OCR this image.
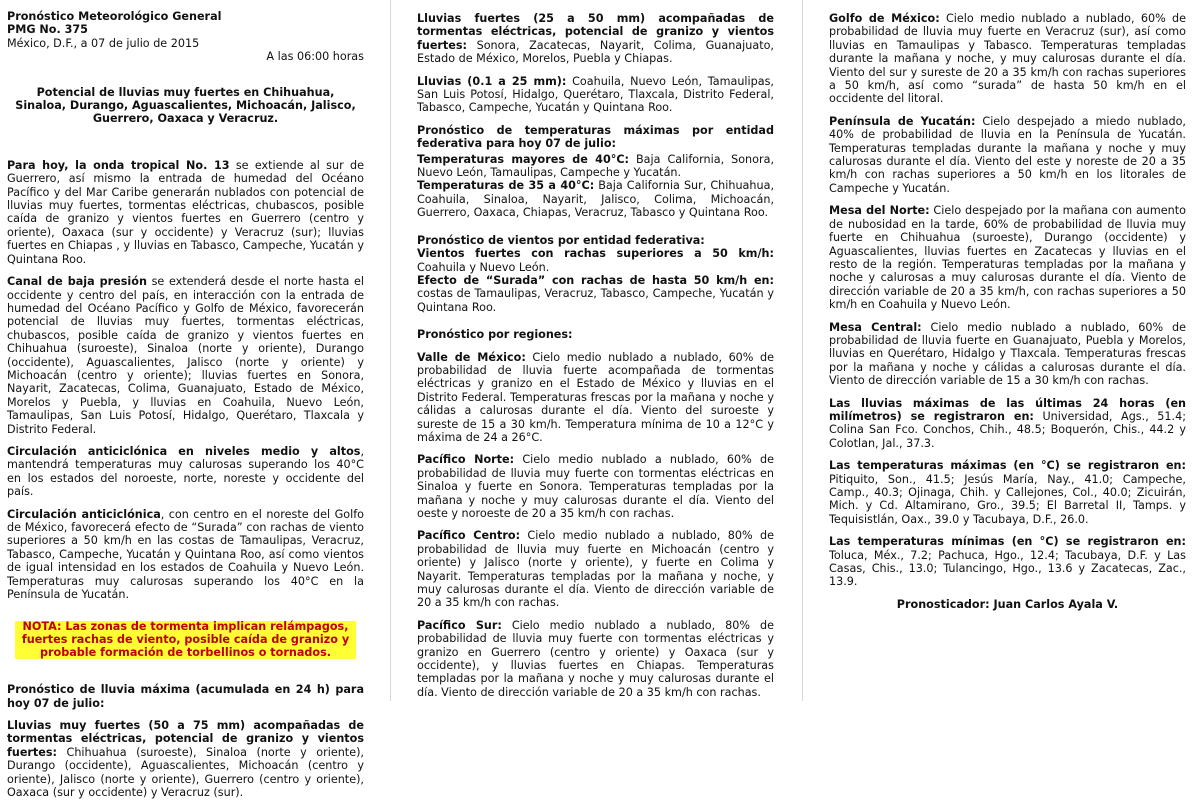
Pronóstico Meteorológico General
PMG No. 375
México, D.F., a 07 de julio de 2015
A las 06:00 horas

Potencial de lluvias muy fuertes en Chihuahua, Sinaloa, Durango, Aguascalientes, Michoacán, Jalisco, Guerrero, Oaxaca y Veracruz.

Para hoy, la onda tropical No. 13 se extiende al sur de Guerrero, así mismo la entrada de humedad del Océano Pacífico y del Mar Caribe generarán nublados con potencial de lluvias muy fuertes, tormentas eléctricas, chubascos, posible caída de granizo y vientos fuertes en Guerrero (centro y oriente), Oaxaca (sur y occidente) y Veracruz (sur); lluvias fuertes en Chiapas , y lluvias en Tabasco, Campeche, Yucatán y Quintana Roo.

Canal de baja presión se extenderá desde el norte hasta el occidente y centro del país, en interacción con la entrada de humedad del Océano Pacífico y Golfo de México, favorecerán potencial de lluvias muy fuertes, tormentas eléctricas, chubascos, posible caída de granizo y vientos fuertes en Chihuahua (suroeste), Sinaloa (norte y oriente), Durango (occidente), Aguascalientes, Jalisco (norte y oriente) y Michoacán (centro y oriente); lluvias fuertes en Sonora, Nayarit, Zacatecas, Colima, Guanajuato, Estado de México, Morelos y Puebla, y lluvias en Coahuila, Nuevo León, Tamaulipas, San Luis Potosí, Hidalgo, Querétaro, Tlaxcala y Distrito Federal.

Circulación anticiclónica en niveles medio y altos, mantendrá temperaturas muy calurosas superando los 40°C en los estados del noroeste, norte, noreste y occidente del país.

Circulación anticiclónica, con centro en el noreste del Golfo de México, favorecerá efecto de “Surada” con rachas de viento superiores a 50 km/h en las costas de Tamaulipas, Veracruz, Tabasco, Campeche, Yucatán y Quintana Roo, así como vientos de igual intensidad en los estados de Coahuila y Nuevo León. Temperaturas muy calurosas superando los 40°C en la Península de Yucatán.

NOTA: Las zonas de tormenta implican relámpagos, fuertes rachas de viento, posible caída de granizo y probable formación de torbellinos o tornados.

Pronóstico de lluvia máxima (acumulada en 24 h) para hoy 07 de julio:

Lluvias muy fuertes (50 a 75 mm) acompañadas de tormentas eléctricas, potencial de granizo y vientos fuertes: Chihuahua (suroeste), Sinaloa (norte y oriente), Durango (occidente), Aguascalientes, Michoacán (centro y oriente), Jalisco (norte y oriente), Guerrero (centro y oriente), Oaxaca (sur y occidente) y Veracruz (sur).

Lluvias fuertes (25 a 50 mm) acompañadas de tormentas eléctricas, potencial de granizo y vientos fuertes: Sonora, Zacatecas, Nayarit, Colima, Guanajuato, Estado de México, Morelos, Puebla y Chiapas.

Lluvias (0.1 a 25 mm): Coahuila, Nuevo León, Tamaulipas, San Luis Potosí, Hidalgo, Querétaro, Tlaxcala, Distrito Federal, Tabasco, Campeche, Yucatán y Quintana Roo.

Pronóstico de temperaturas máximas por entidad federativa para hoy 07 de julio:

Temperaturas mayores de 40°C: Baja California, Sonora, Nuevo León, Tamaulipas, Campeche y Yucatán.

Temperaturas de 35 a 40°C: Baja California Sur, Chihuahua, Coahuila, Sinaloa, Nayarit, Jalisco, Colima, Michoacán, Guerrero, Oaxaca, Chiapas, Veracruz, Tabasco y Quintana Roo.

Pronóstico de vientos por entidad federativa:

Vientos fuertes con rachas superiores a 50 km/h: Coahuila y Nuevo León.

Efecto de “Surada” con rachas de hasta 50 km/h en: costas de Tamaulipas, Veracruz, Tabasco, Campeche, Yucatán y Quintana Roo.

Pronóstico por regiones:

Valle de México: Cielo medio nublado a nublado, 60% de probabilidad de lluvia fuerte acompañada de tormentas eléctricas y granizo en el Estado de México y lluvias en el Distrito Federal. Temperaturas frescas por la mañana y noche y cálidas a calurosas durante el día. Viento del suroeste y sureste de 15 a 30 km/h. Temperatura mínima de 10 a 12°C y máxima de 24 a 26°C.

Pacífico Norte: Cielo medio nublado a nublado, 60% de probabilidad de lluvia muy fuerte con tormentas eléctricas en Sinaloa y fuerte en Sonora. Temperaturas templadas por la mañana y noche y muy calurosas durante el día. Viento del oeste y noroeste de 20 a 35 km/h con rachas.

Pacífico Centro: Cielo medio nublado a nublado, 80% de probabilidad de lluvia muy fuerte en Michoacán (centro y oriente) y Jalisco (norte y oriente), y fuerte en Colima y Nayarit. Temperaturas templadas por la mañana y noche, y muy calurosas durante el día. Viento de dirección variable de 20 a 35 km/h con rachas.

Pacífico Sur: Cielo medio nublado a nublado, 80% de probabilidad de lluvia muy fuerte con tormentas eléctricas y granizo en Guerrero (centro y oriente) y Oaxaca (sur y occidente), y lluvias fuertes en Chiapas. Temperaturas templadas por la mañana y noche y muy calurosas durante el día. Viento de dirección variable de 20 a 35 km/h con rachas.

Golfo de México: Cielo medio nublado a nublado, 60% de probabilidad de lluvia muy fuerte en Veracruz (sur), así como lluvias en Tamaulipas y Tabasco. Temperaturas templadas durante la mañana y noche, y muy calurosas durante el día. Viento del sur y sureste de 20 a 35 km/h con rachas superiores a 50 km/h, así como “surada” de hasta 50 km/h en el occidente del litoral.

Península de Yucatán: Cielo despejado a miedo nublado, 40% de probabilidad de lluvia en la Península de Yucatán. Temperaturas templadas durante la mañana y noche y muy calurosas durante el día. Viento del este y noreste de 20 a 35 km/h con rachas superiores a 50 km/h en los litorales de Campeche y Yucatán.

Mesa del Norte: Cielo despejado por la mañana con aumento de nubosidad en la tarde, 60% de probabilidad de lluvia muy fuerte en Chihuahua (suroeste), Durango (occidente) y Aguascalientes, lluvias fuertes en Zacatecas y lluvias en el resto de la región. Temperaturas templadas por la mañana y noche y calurosas a muy calurosas durante el día. Viento de dirección variable de 20 a 35 km/h, con rachas superiores a 50 km/h en Coahuila y Nuevo León.

Mesa Central: Cielo medio nublado a nublado, 60% de probabilidad de lluvia fuerte en Guanajuato, Puebla y Morelos, lluvias en Querétaro, Hidalgo y Tlaxcala. Temperaturas frescas por la mañana y noche y cálidas a calurosas durante el día. Viento de dirección variable de 15 a 30 km/h con rachas.

Las lluvias máximas de las últimas 24 horas (en milímetros) se registraron en: Universidad, Ags., 51.4; Colina San Fco. Conchos, Chih., 48.5; Boquerón, Chis., 44.2 y Colotlan, Jal., 37.3.

Las temperaturas máximas (en °C) se registraron en: Pitiquito, Son., 41.5; Jesús María, Nay., 41.0; Campeche, Camp., 40.3; Ojinaga, Chih. y Callejones, Col., 40.0; Zicuirán, Mich. y Cd. Altamirano, Gro., 39.5; El Barretal II, Tamps. y Tequisistlán, Oax., 39.0 y Tacubaya, D.F., 26.0.

Las temperaturas mínimas (en °C) se registraron en: Toluca, Méx., 7.2; Pachuca, Hgo., 12.4; Tacubaya, D.F. y Las Casas, Chis., 13.0; Tulancingo, Hgo., 13.6 y Zacatecas, Zac., 13.9.

Pronosticador: Juan Carlos Ayala V.
